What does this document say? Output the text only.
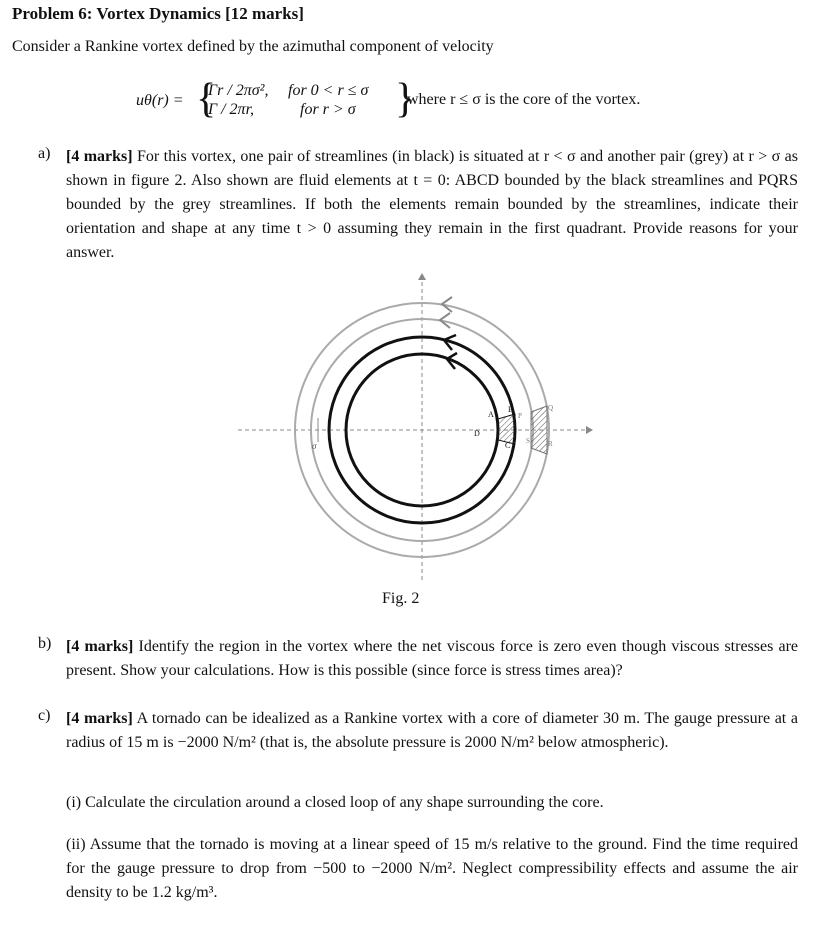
Problem 6: Vortex Dynamics [12 marks]
Consider a Rankine vortex defined by the azimuthal component of velocity
uθ(r) = {
Γr / 2πσ², for 0 < r ≤ σ
Γ / 2πr,	for r > σ }
where r ≤ σ is the core of the vortex.
a) [4 marks] For this vortex, one pair of streamlines (in black) is situated at r < σ and another pair (grey) at r > σ as shown in figure 2. Also shown are fluid elements at t = 0: ABCD bounded by the black streamlines and PQRS bounded by the grey streamlines. If both the elements remain bounded by the streamlines, indicate their orientation and shape at any time t > 0 assuming they remain in the first quadrant. Provide reasons for your answer.
σ
A
B
C
D
P
Q
R
S
Fig. 2
b) [4 marks] Identify the region in the vortex where the net viscous force is zero even though viscous stresses are present. Show your calculations. How is this possible (since force is stress times area)?
c) [4 marks] A tornado can be idealized as a Rankine vortex with a core of diameter 30 m. The gauge pressure at a radius of 15 m is −2000 N/m² (that is, the absolute pressure is 2000 N/m² below atmospheric).
(i) Calculate the circulation around a closed loop of any shape surrounding the core.
(ii) Assume that the tornado is moving at a linear speed of 15 m/s relative to the ground. Find the time required for the gauge pressure to drop from −500 to −2000 N/m². Neglect compressibility effects and assume the air density to be 1.2 kg/m³.
